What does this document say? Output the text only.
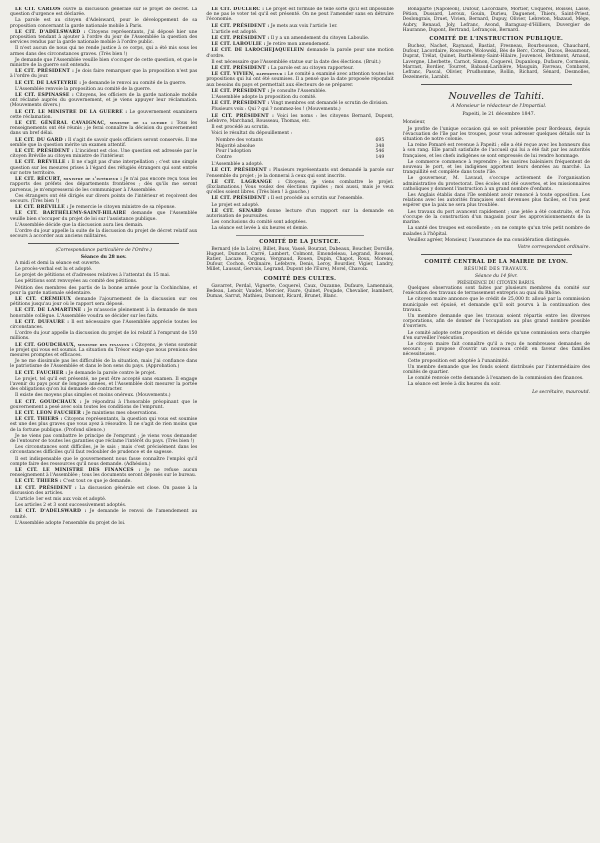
LE CIT. CARLOS ouvre la discussion générale sur le projet de décret. La question d'urgence est déclarée.

La parole est au citoyen d'Adelsward, pour le développement de sa proposition concernant la garde nationale mobile à Paris.

LE CIT. D'ADELSWARD : Citoyens représentants, j'ai déposé hier une proposition tendant à ajouter à l'ordre du jour de l'Assemblée la question des services rendus par la garde nationale mobile à l'ordre public.

Il n'est aucun de nous qui ne rende justice à ce corps, qui a été mis sous les armes dans des circonstances graves. (Très bien !)

Je demande que l'Assemblée veuille bien s'occuper de cette question, et que le ministre de la guerre soit entendu.

LE CIT. PRÉSIDENT : Je dois faire remarquer que la proposition n'est pas à l'ordre du jour.

LE CIT. DE LASTEYRIE : Je demande le renvoi au comité de la guerre.

L'Assemblée renvoie la proposition au comité de la guerre.

LE CIT. ESPINASSE : Citoyens, les officiers de la garde nationale mobile ont réclamé auprès du gouvernement, et je viens appuyer leur réclamation. (Mouvements divers.)

LE CIT. LE MINISTRE DE LA GUERRE : Le gouvernement examinera cette réclamation.

LE CIT. GÉNÉRAL CAVAIGNAC, ministre de la guerre : Tous les renseignements ont été réunis ; je ferai connaître la décision du gouvernement dans un bref délai.

LE CIT. DU GARD : Il s'agit de savoir quels officiers seront conservés. Il me semble que la question mérite un examen attentif.

LE CIT. PRÉSIDENT : L'incident est clos. Une question est adressée par le citoyen Bréville au citoyen ministre de l'intérieur.

LE CIT. BRÉVILLE : Il ne s'agit pas d'une interpellation ; c'est une simple question sur les mesures prises à l'égard des réfugiés étrangers qui sont entrés sur notre territoire.

LE CIT. RÉCURT, ministre de l'intérieur : Je n'ai pas encore reçu tous les rapports des préfets des départements frontières ; dès qu'ils me seront parvenus, je m'empresserai de les communiquer à l'Assemblée.

Ces étrangers ont été dirigés sur divers points de l'intérieur et reçoivent des secours. (Très bien !)

LE CIT. BRÉVILLE : Je remercie le citoyen ministre de sa réponse.

LE CIT. BARTHÉLEMY-SAINT-HILAIRE demande que l'Assemblée veuille bien s'occuper du projet de loi sur l'assistance publique.

L'Assemblée décide que la discussion aura lieu demain.

L'ordre du jour appelle la suite de la discussion du projet de décret relatif aux secours à accorder aux anciens militaires.

(Correspondance particulière de l'Ordre.)

Séance du 28 nov.

A midi et demi la séance est ouverte.

Le procès-verbal est lu et adopté.

Le projet de pétitions et d'adresses relatives à l'attentat du 15 mai.

Les pétitions sont renvoyées au comité des pétitions.

Pétition des membres des partis de la bonne armée pour la Cochinchine, et pour la garde nationale sédentaire.

LE CIT. CRÉMIEUX demande l'ajournement de la discussion sur ces pétitions jusqu'au jour où le rapport sera déposé.

LE CIT. DE LAMARTINE : Je m'associe pleinement à la demande de mon honorable collègue. L'Assemblée voudra se décider sur les faits.

LE CIT. DUFAURE : Il est nécessaire que l'Assemblée apprécie toutes les circonstances.

L'ordre du jour appelle la discussion du projet de loi relatif à l'emprunt de 150 millions.

LE CIT. GOUDCHAUX, ministre des finances : Citoyens, je viens soutenir le projet qui vous est soumis. La situation du Trésor exige que nous prenions des mesures promptes et efficaces.

Je ne me dissimule pas les difficultés de la situation, mais j'ai confiance dans le patriotisme de l'Assemblée et dans le bon sens du pays. (Approbation.)

LE CIT. FAUCHER : Je demande la parole contre le projet.

Le projet, tel qu'il est présenté, ne peut être accepté sans examen. Il engage l'avenir du pays pour de longues années, et l'Assemblée doit mesurer la portée des obligations qu'on lui demande de contracter.

Il existe des moyens plus simples et moins onéreux. (Mouvements.)

LE CIT. GOUDCHAUX : Je répondrai à l'honorable préopinant que le gouvernement a pesé avec soin toutes les conditions de l'emprunt.

LE CIT. LEON FAUCHER : Je maintiens mes observations.

LE CIT. THIERS : Citoyens représentants, la question qui vous est soumise est une des plus graves que vous ayez à résoudre. Il ne s'agit de rien moins que de la fortune publique. (Profond silence.)

Je ne viens pas combattre le principe de l'emprunt ; je viens vous demander de l'entourer de toutes les garanties que réclame l'intérêt du pays. (Très bien !)

Les circonstances sont difficiles, je le sais ; mais c'est précisément dans les circonstances difficiles qu'il faut redoubler de prudence et de sagesse.

Il est indispensable que le gouvernement nous fasse connaître l'emploi qu'il compte faire des ressources qu'il nous demande. (Adhésion.)

LE CIT. LE MINISTRE DES FINANCES : Je ne refuse aucun renseignement à l'Assemblée ; tous les documents seront déposés sur le bureau.

LE CIT. THIERS : C'est tout ce que je demande.

LE CIT. PRÉSIDENT : La discussion générale est close. On passe à la discussion des articles.

L'article 1er est mis aux voix et adopté.

Les articles 2 et 3 sont successivement adoptés.

LE CIT. D'ADELSWARD : Je demande le renvoi de l'amendement au comité.

L'Assemblée adopte l'ensemble du projet de loi.

LE CIT. DUCLERC : Le projet est formulé de telle sorte qu'il est impossible de ne pas le voter tel qu'il est présenté. On ne peut l'amender sans en détruire l'économie.

LE CIT. PRÉSIDENT : Je mets aux voix l'article 1er.

L'article est adopté.

LE CIT. PRÉSIDENT : Il y a un amendement du citoyen Laboulie.

LE CIT. LABOULIE : Je retire mon amendement.

LE CIT. DE LAROCHEJAQUELEIN demande la parole pour une motion d'ordre.

Il est nécessaire que l'Assemblée statue sur la date des élections. (Bruit.)

LE CIT. PRÉSIDENT : La parole est au citoyen rapporteur.

LE CIT. VIVIEN, rapporteur : Le comité a examiné avec attention toutes les propositions qui lui ont été soumises. Il a pensé que la date proposée répondait aux besoins du pays et permettait aux électeurs de se préparer.

LE CIT. PRÉSIDENT : Je consulte l'Assemblée.

L'Assemblée adopte la proposition du comité.

LE CIT. PRÉSIDENT : Vingt membres ont demandé le scrutin de division.

Plusieurs voix : Qui ? qui ? nommez-les ! (Mouvements.)

LE CIT. PRÉSIDENT : Voici les noms : les citoyens Bernard, Dupont, Lefebvre, Marchand, Rousseau, Thomas, etc.

Il est procédé au scrutin.

Voici le résultat du dépouillement :

Nombre des votants	695
Majorité absolue	348
Pour l'adoption	546
Contre	149

L'Assemblée a adopté.

LE CIT. PRÉSIDENT : Plusieurs représentants ont demandé la parole sur l'ensemble du projet ; je la donnerai à ceux qui sont inscrits.

LE CIT. LAGRANGE : Citoyens, je viens combattre le projet. (Exclamations.) Vous voulez des élections rapides ; moi aussi, mais je veux qu'elles soient libres. (Très bien ! à gauche.)

LE CIT. PRÉSIDENT : Il est procédé au scrutin sur l'ensemble.

Le projet est adopté.

LE CIT. SENARD donne lecture d'un rapport sur la demande en autorisation de poursuites.

Les conclusions du comité sont adoptées.

La séance est levée à six heures et demie.

COMITÉ DE LA JUSTICE.

Bernard (de la Loire), Billet, Buss, Vassé, Bourzat, Dabeaux, Boucher, Dorville, Huguet, Dumont, Carré, Lambert, Colmont, Emondeleau, Legrand, Roussel, Ratier, Lacaze, Fargeau, Vergnaud, Rouen, Dupin, Chapot, Roux, Moreau, Dufour, Cochon, Ordinaire, Lefebvre, Denis, Leroy, Bourdier, Vigier, Landry, Millet, Laussat, Gervais, Legrand, Dupont (de l'Eure), Morel, Chavoix.

COMITÉ DES CULTES.

Gavarret, Perdal, Vignerte, Coquerel, Caux, Ouzanne, Dufaure, Lamennais, Bedeau, Lenoir, Vaudet, Mercier, Faure, Quinet, Poujade, Chevalier, Isambert, Dumas, Sarrut, Mathieu, Dumont, Ricard, Brunet, Blanc.

Bonaparte (Napoléon), Dufour, Lacordaire, Mortier, Coquerel, Boissel, Lassé, Pétion, Dussard, Leroux, Gouin, Durieu, Daguenet, Thiers, Saint-Priest, Deslongrais, Druet, Vivien, Bernard, Dupuy, Olivier, Lebreton, Mazaud, Mège, Aubry, Renaud, Joly, Lefranc, Avond, Baraguay-d'Hilliers, Duvergier de Hauranne, Dupont, Bertrand, Lefrançois, Bernard.

COMITÉ DE L'INSTRUCTION PUBLIQUE.

Buchez, Nachet, Raynaud, Bastiat, Fresneau, Bourbousson, Chauchard, Dufour, Lacordaire, Rouveure, Wolowski, Bès de Berc, Corne, Ducos, Beaumont, Duprat, Trélat, Quinet, Barthélemy-Saint-Hilaire, Jouvencel, Bethmont, Arnaud, Lavergne, Lherbette, Carnot, Simon, Coquerel, Dupanloup, Dufaure, Cormenin, Marrast, Bordier, Tourret, Babaud-Laribière, Mauguin, Favreau, Combarel, Lefranc, Pascal, Olivier, Prudhomme, Rollin, Richard, Sénard, Desmolles, Dezeimeris, Larabit.

Nouvelles de Tahiti.

A Monsieur le rédacteur de l'Impartial.

Papeiti, le 21 décembre 1847.

Monsieur,

Je profite de l'unique occasion qui se soit présentée pour Bordeaux, depuis l'évacuation de l'île par les troupes, pour vous adresser quelques détails sur la situation de notre colonie.

La reine Pomaré est revenue à Papeiti ; elle a été reçue avec les honneurs dus à son rang. Elle paraît satisfaite de l'accueil qui lui a été fait par les autorités françaises, et les chefs indigènes se sont empressés de lui rendre hommage.

Le commerce commence à reprendre ; les navires baleiniers fréquentent de nouveau le port, et les indigènes apportent leurs denrées au marché. La tranquillité est complète dans toute l'île.

Le gouverneur, M. Lavaud, s'occupe activement de l'organisation administrative du protectorat. Des écoles ont été ouvertes, et les missionnaires catholiques y donnent l'instruction à un grand nombre d'enfants.

Les Anglais établis dans l'île semblent avoir renoncé à toute opposition. Les relations avec les autorités françaises sont devenues plus faciles, et l'on peut espérer que la paix ne sera plus troublée.

Les travaux du port avancent rapidement ; une jetée a été construite, et l'on s'occupe de la construction d'un magasin pour les approvisionnements de la marine.

La santé des troupes est excellente ; on ne compte qu'un très petit nombre de malades à l'hôpital.

Veuillez agréer, Monsieur, l'assurance de ma considération distinguée.

Votre correspondant ordinaire.

COMITÉ CENTRAL DE LA MAIRIE DE LYON.

RÉSUMÉ DES TRAVAUX.

Séance du 14 févr.

PRÉSIDENCE DU CITOYEN BARUS.

Quelques observations sont faites par plusieurs membres du comité sur l'exécution des travaux de terrassement entrepris au quai du Rhône.

Le citoyen maire annonce que le crédit de 25,000 fr. alloué par la commission municipale est épuisé, et demande qu'il soit pourvu à la continuation des travaux.

Un membre demande que les travaux soient répartis entre les diverses corporations, afin de donner de l'occupation au plus grand nombre possible d'ouvriers.

Le comité adopte cette proposition et décide qu'une commission sera chargée d'en surveiller l'exécution.

Le citoyen maire fait connaître qu'il a reçu de nombreuses demandes de secours ; il propose d'ouvrir un nouveau crédit en faveur des familles nécessiteuses.

Cette proposition est adoptée à l'unanimité.

Un membre demande que les fonds soient distribués par l'intermédiaire des comités de quartier.

Le comité renvoie cette demande à l'examen de la commission des finances.

La séance est levée à dix heures du soir.

Le secrétaire, mauroutd.
